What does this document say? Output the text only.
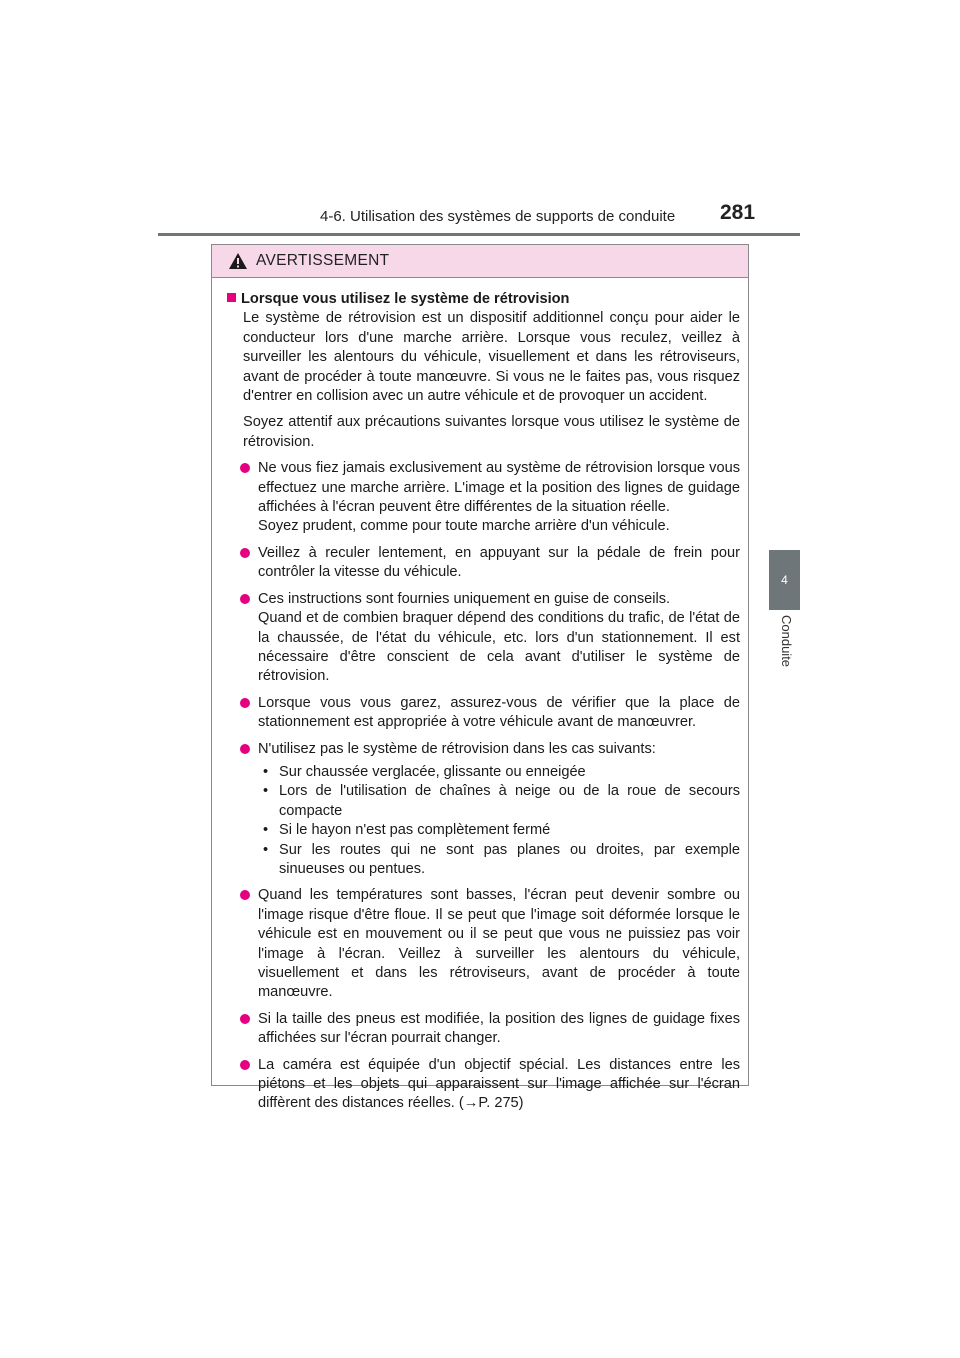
4-6. Utilisation des systèmes de supports de conduite 281
4
Conduite
AVERTISSEMENT
Lorsque vous utilisez le système de rétrovision
Le système de rétrovision est un dispositif additionnel conçu pour aider le conducteur lors d'une marche arrière. Lorsque vous reculez, veillez à surveiller les alentours du véhicule, visuellement et dans les rétroviseurs, avant de procéder à toute manœuvre. Si vous ne le faites pas, vous risquez d'entrer en collision avec un autre véhicule et de provoquer un accident.
Soyez attentif aux précautions suivantes lorsque vous utilisez le système de rétrovision.
Ne vous fiez jamais exclusivement au système de rétrovision lorsque vous effectuez une marche arrière. L'image et la position des lignes de guidage affichées à l'écran peuvent être différentes de la situation réelle.
Soyez prudent, comme pour toute marche arrière d'un véhicule.
Veillez à reculer lentement, en appuyant sur la pédale de frein pour contrôler la vitesse du véhicule.
Ces instructions sont fournies uniquement en guise de conseils.
Quand et de combien braquer dépend des conditions du trafic, de l'état de la chaussée, de l'état du véhicule, etc. lors d'un stationnement. Il est nécessaire d'être conscient de cela avant d'utiliser le système de rétrovision.
Lorsque vous vous garez, assurez-vous de vérifier que la place de stationnement est appropriée à votre véhicule avant de manœuvrer.
N'utilisez pas le système de rétrovision dans les cas suivants:
• Sur chaussée verglacée, glissante ou enneigée
• Lors de l'utilisation de chaînes à neige ou de la roue de secours compacte
• Si le hayon n'est pas complètement fermé
• Sur les routes qui ne sont pas planes ou droites, par exemple sinueuses ou pentues.
Quand les températures sont basses, l'écran peut devenir sombre ou l'image risque d'être floue. Il se peut que l'image soit déformée lorsque le véhicule est en mouvement ou il se peut que vous ne puissiez pas voir l'image à l'écran. Veillez à surveiller les alentours du véhicule, visuellement et dans les rétroviseurs, avant de procéder à toute manœuvre.
Si la taille des pneus est modifiée, la position des lignes de guidage fixes affichées sur l'écran pourrait changer.
La caméra est équipée d'un objectif spécial. Les distances entre les piétons et les objets qui apparaissent sur l'image affichée sur l'écran diffèrent des distances réelles. (→P. 275)
